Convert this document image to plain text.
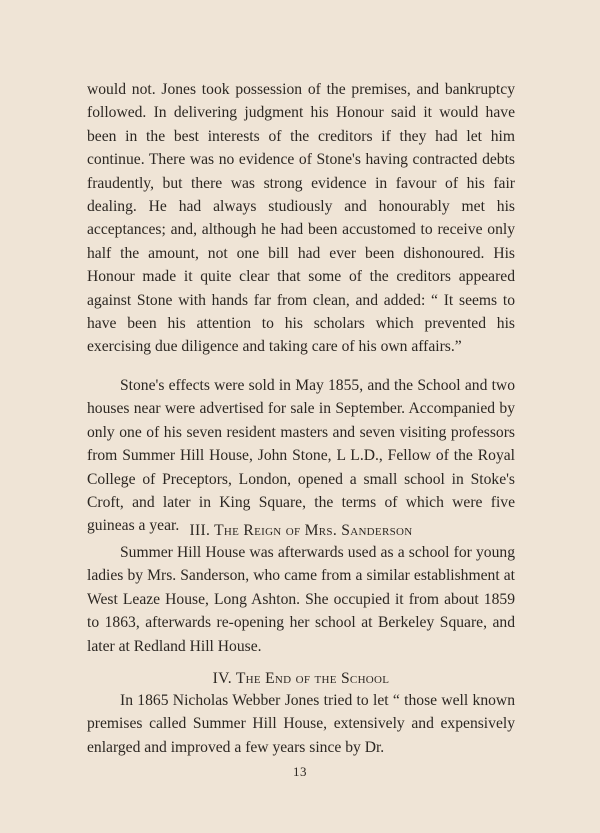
would not. Jones took possession of the premises, and bankruptcy followed. In delivering judgment his Honour said it would have been in the best interests of the creditors if they had let him continue. There was no evidence of Stone's having contracted debts fraudently, but there was strong evidence in favour of his fair dealing. He had always studiously and honourably met his acceptances; and, although he had been accustomed to receive only half the amount, not one bill had ever been dishonoured. His Honour made it quite clear that some of the creditors appeared against Stone with hands far from clean, and added: “ It seems to have been his attention to his scholars which prevented his exercising due diligence and taking care of his own affairs.”

Stone's effects were sold in May 1855, and the School and two houses near were advertised for sale in September. Accompanied by only one of his seven resident masters and seven visiting professors from Summer Hill House, John Stone, L L.D., Fellow of the Royal College of Preceptors, London, opened a small school in Stoke's Croft, and later in King Square, the terms of which were five guineas a year. III. The Reign of Mrs. Sanderson

Summer Hill House was afterwards used as a school for young ladies by Mrs. Sanderson, who came from a similar establishment at West Leaze House, Long Ashton. She occupied it from about 1859 to 1863, afterwards re-opening her school at Berkeley Square, and later at Redland Hill House.

IV. The End of the School

In 1865 Nicholas Webber Jones tried to let “ those well known premises called Summer Hill House, extensively and expensively enlarged and improved a few years since by Dr.

13
